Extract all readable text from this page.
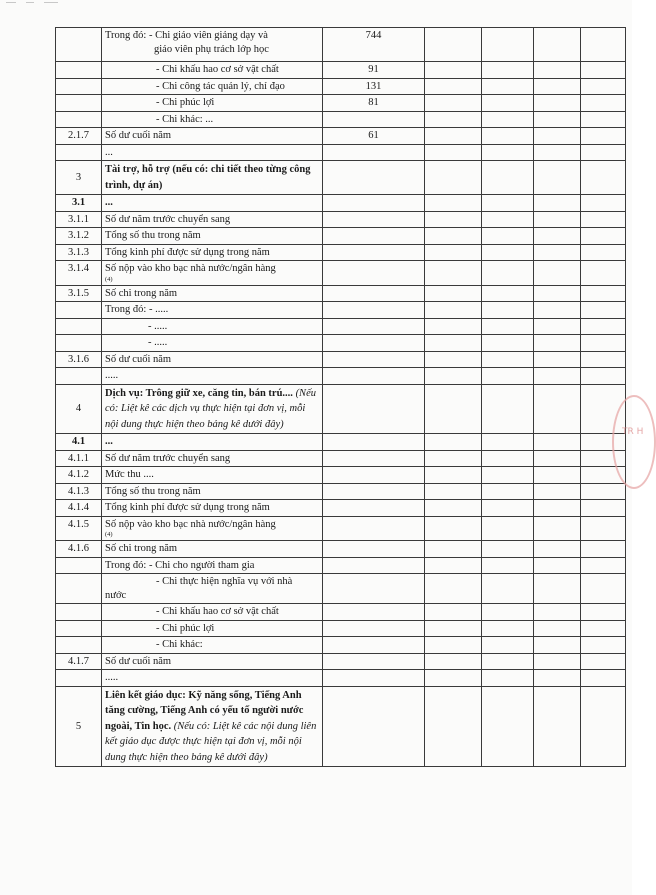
	Trong đó: - Chi giáo viên giảng dạy và
giáo viên phụ trách lớp học	744				
	- Chi khấu hao cơ sở vật chất	91				
	- Chi công tác quản lý, chỉ đạo	131				
	- Chi phúc lợi	81				
	- Chi khác: ...					
2.1.7	Số dư cuối năm	61				
	...					
3	Tài trợ, hỗ trợ (nếu có: chi tiết theo từng công trình, dự án)					
3.1	...					
3.1.1	Số dư năm trước chuyển sang					
3.1.2	Tổng số thu trong năm					
3.1.3	Tổng kinh phí được sử dụng trong năm					
3.1.4	Số nộp vào kho bạc nhà nước/ngân hàng
(4)					

3.1.5	Số chi trong năm					
	Trong đó: - .....					
	- .....					
	- .....					
3.1.6	Số dư cuối năm					
	.....					
4	Dịch vụ: Trông giữ xe, căng tin, bán trú.... (Nếu có: Liệt kê các dịch vụ thực hiện tại đơn vị, mỗi nội dung thực hiện theo bảng kê dưới đây)					
4.1	...					
4.1.1	Số dư năm trước chuyển sang					
4.1.2	Mức thu ....					
4.1.3	Tổng số thu trong năm					
4.1.4	Tổng kinh phí được sử dụng trong năm					
4.1.5	Số nộp vào kho bạc nhà nước/ngân hàng
(4)					

4.1.6	Số chi trong năm					
	Trong đó: - Chi cho người tham gia					
	- Chi thực hiện nghĩa vụ với nhà
nước					
	- Chi khấu hao cơ sở vật chất					
	- Chi phúc lợi					
	- Chi khác:					
4.1.7	Số dư cuối năm					
	.....					
5	Liên kết giáo dục: Kỹ năng sống, Tiếng Anh tăng cường, Tiếng Anh có yếu tố người nước ngoài, Tin học. (Nếu có: Liệt kê các nội dung liên kết giáo dục được thực hiện tại đơn vị, mỗi nội dung thực hiện theo bảng kê dưới đây)					
TR H
